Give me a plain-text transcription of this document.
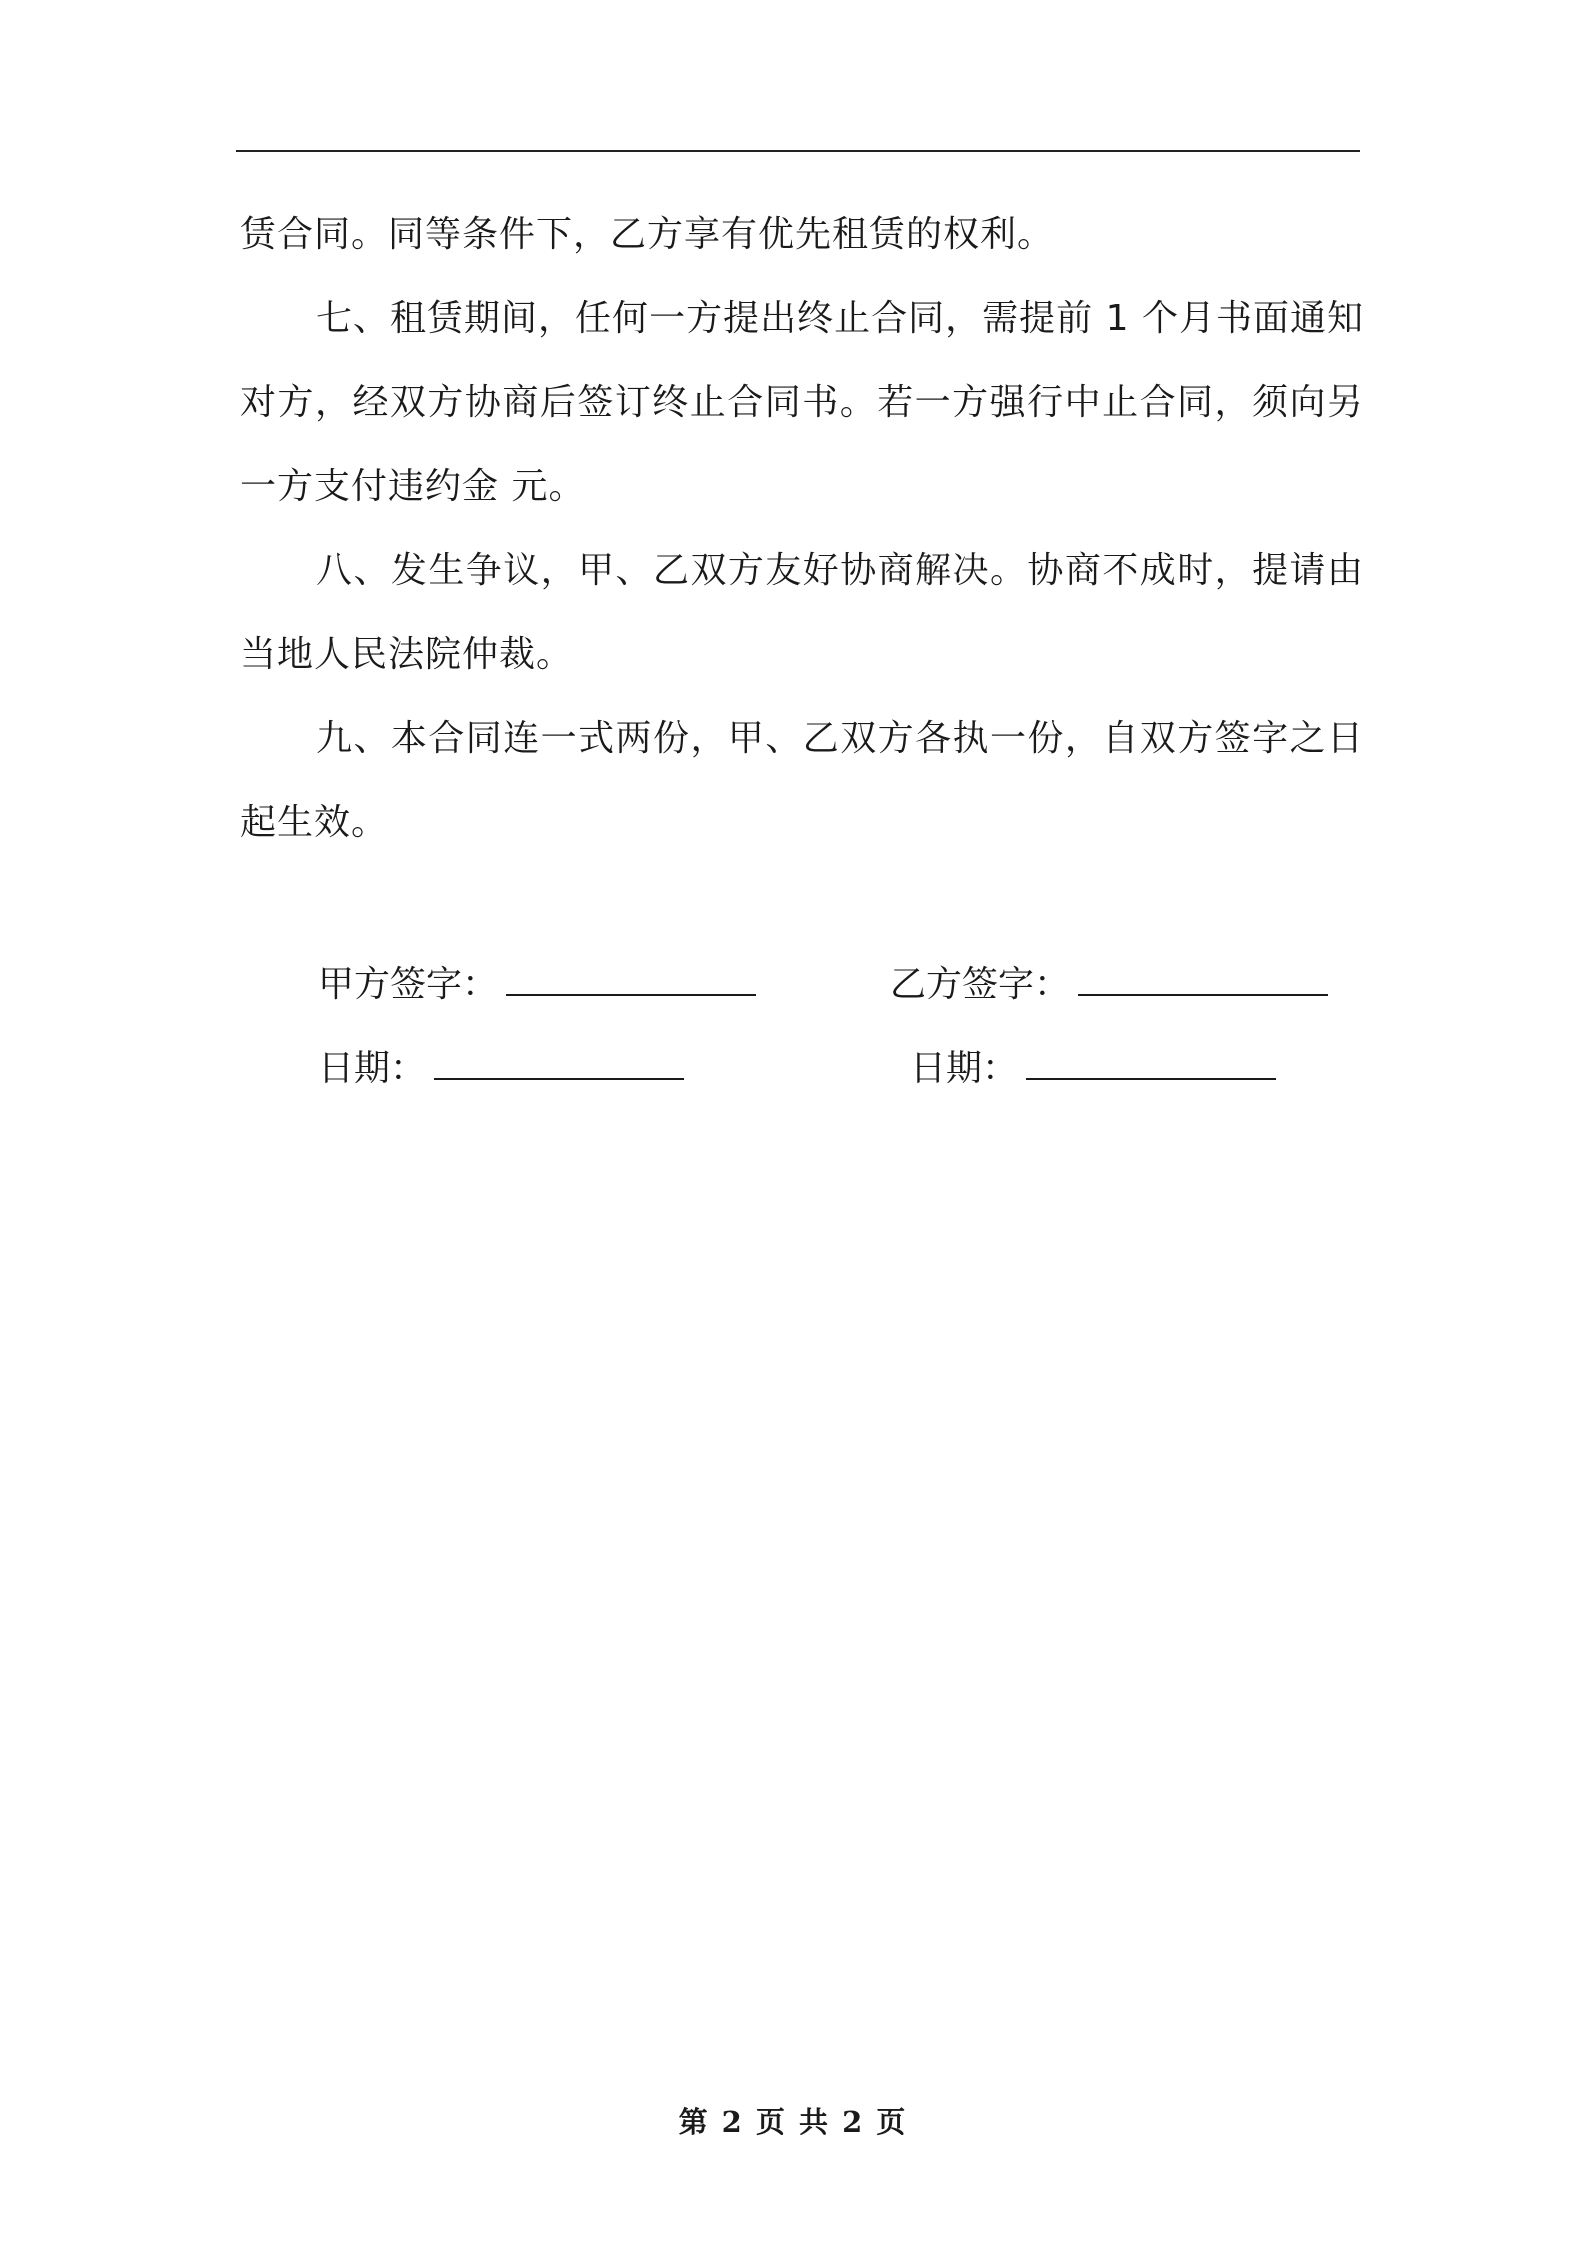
赁合同。同等条件下，乙方享有优先租赁的权利。

七、租赁期间，任何一方提出终止合同，需提前 1 个月书面通知对方，经双方协商后签订终止合同书。若一方强行中止合同，须向另一方支付违约金 元。

八、发生争议，甲、乙双方友好协商解决。协商不成时，提请由当地人民法院仲裁。

九、本合同连一式两份，甲、乙双方各执一份，自双方签字之日起生效。

甲方签字：	乙方签字：
日期：	日期：
第 2 页 共 2 页
